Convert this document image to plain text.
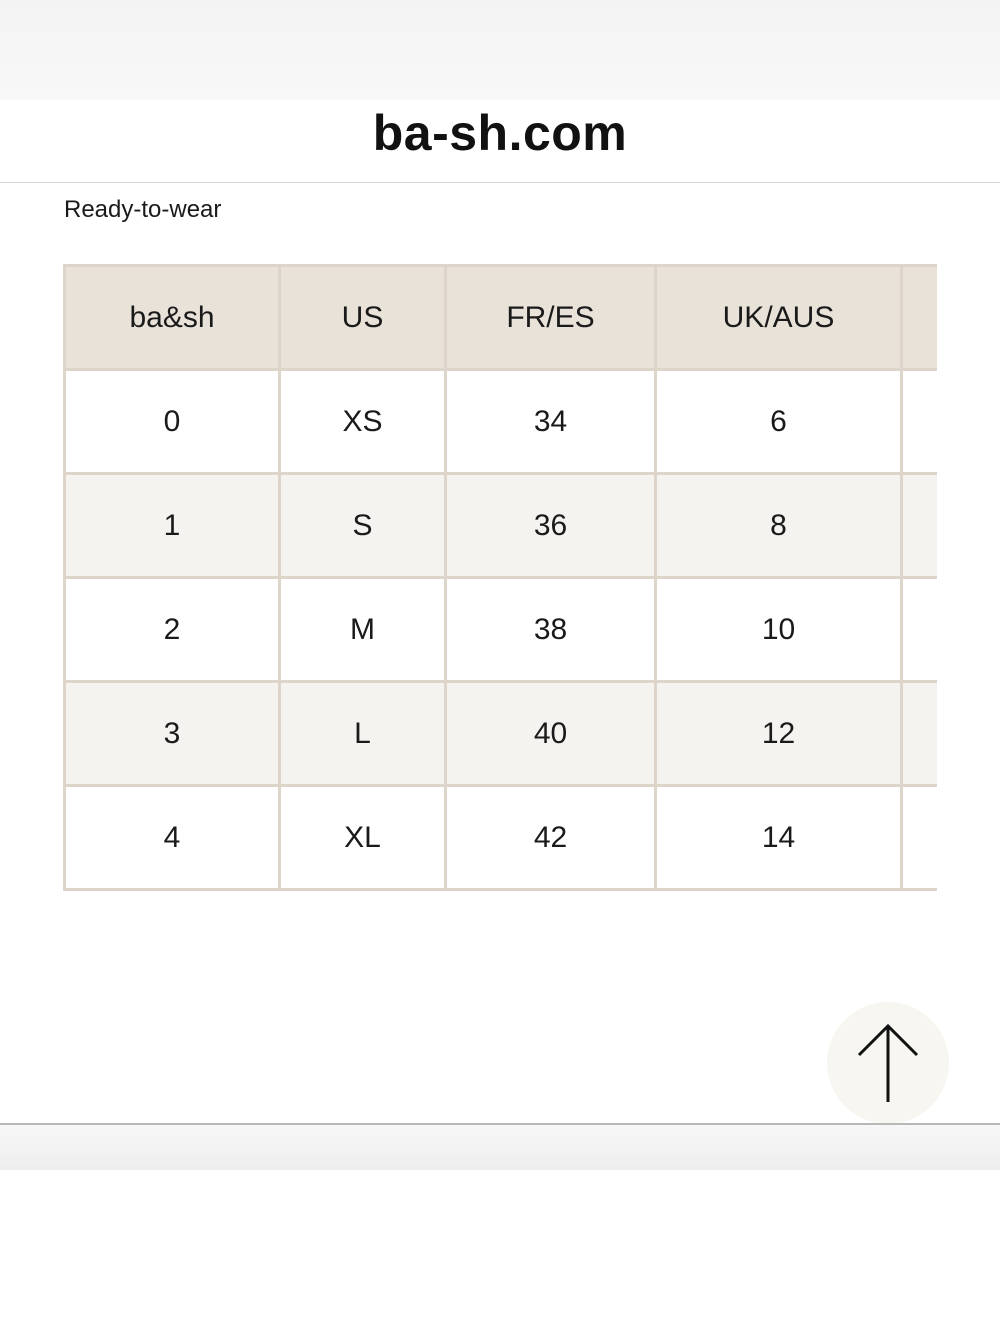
ba-sh.com
Ready-to-wear
ba&sh	US	FR/ES	UK/AUS	
0	XS	34	6	
1	S	36	8	
2	M	38	10	
3	L	40	12	
4	XL	42	14	
